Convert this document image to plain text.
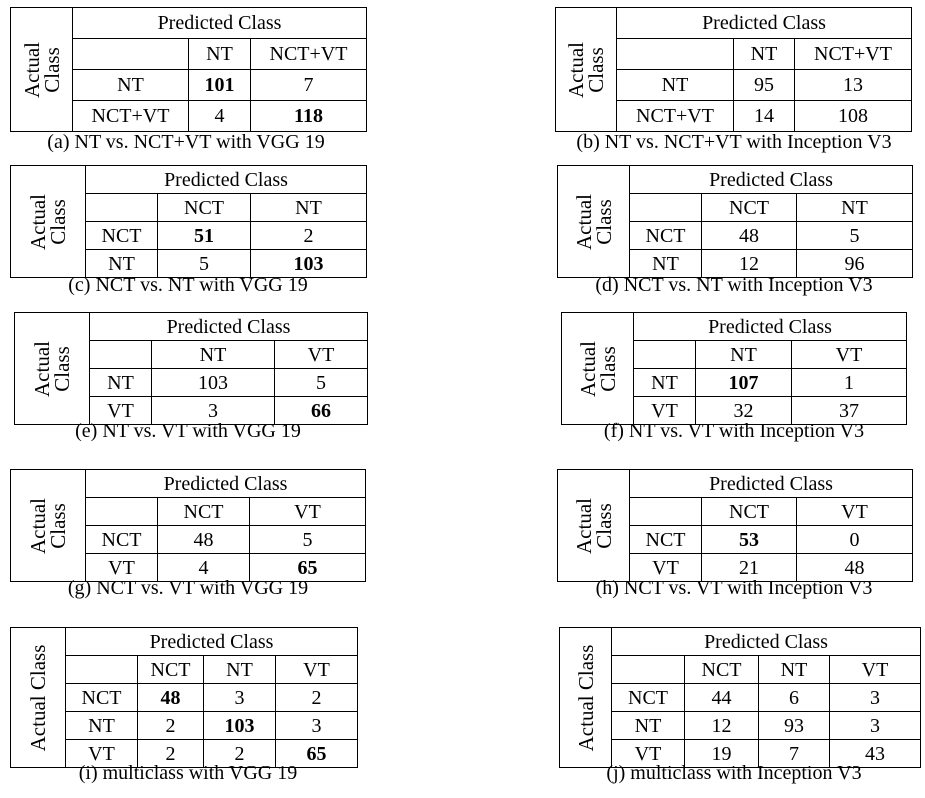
Actual
Class	Predicted Class		
		NT	NCT+VT
	NT	101	7
	NCT+VT	4	118
(a) NT vs. NCT+VT with VGG 19
Actual
Class	Predicted Class		
		NT	NCT+VT
	NT	95	13
	NCT+VT	14	108
(b) NT vs. NCT+VT with Inception V3
Actual
Class	Predicted Class		
		NCT	NT
	NCT	51	2
	NT	5	103
(c) NCT vs. NT with VGG 19
Actual
Class	Predicted Class		
		NCT	NT
	NCT	48	5
	NT	12	96
(d) NCT vs. NT with Inception V3
Actual
Class	Predicted Class		
		NT	VT
	NT	103	5
	VT	3	66
(e) NT vs. VT with VGG 19
Actual
Class	Predicted Class		
		NT	VT
	NT	107	1
	VT	32	37
(f) NT vs. VT with Inception V3
Actual
Class	Predicted Class		
		NCT	VT
	NCT	48	5
	VT	4	65
(g) NCT vs. VT with VGG 19
Actual
Class	Predicted Class		
		NCT	VT
	NCT	53	0
	VT	21	48
(h) NCT vs. VT with Inception V3
Actual Class	Predicted Class			
		NCT	NT	VT
	NCT	48	3	2
	NT	2	103	3
	VT	2	2	65
(i) multiclass with VGG 19
Actual Class	Predicted Class			
		NCT	NT	VT
	NCT	44	6	3
	NT	12	93	3
	VT	19	7	43
(j) multiclass with Inception V3
